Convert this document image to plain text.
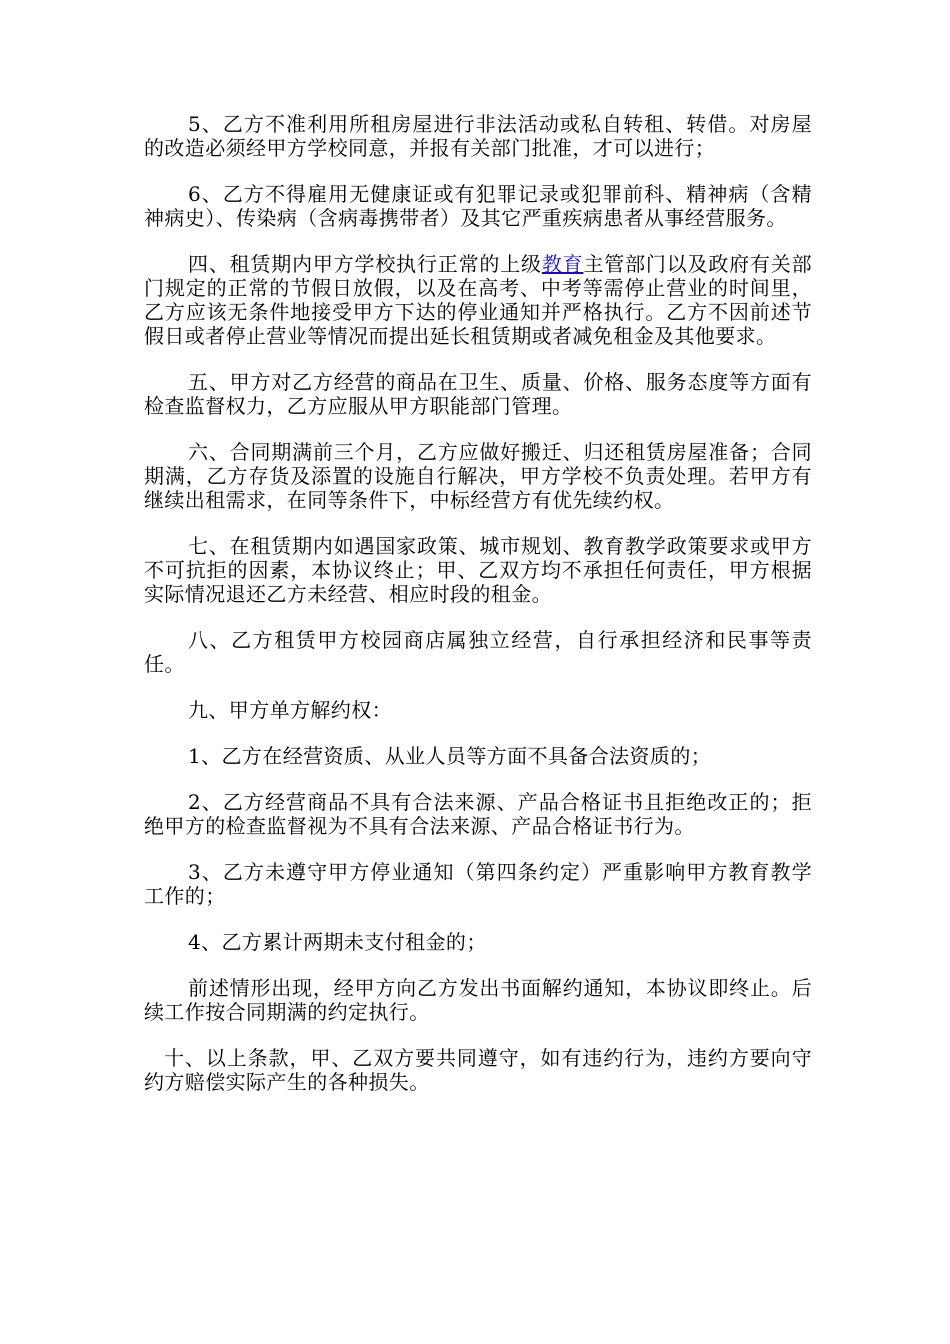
5、乙方不准利用所租房屋进行非法活动或私自转租、转借。对房屋的改造必须经甲方学校同意，并报有关部门批准，才可以进行；

6、乙方不得雇用无健康证或有犯罪记录或犯罪前科、精神病（含精神病史）、传染病（含病毒携带者）及其它严重疾病患者从事经营服务。

四、租赁期内甲方学校执行正常的上级教育主管部门以及政府有关部门规定的正常的节假日放假，以及在高考、中考等需停止营业的时间里，乙方应该无条件地接受甲方下达的停业通知并严格执行。乙方不因前述节假日或者停止营业等情况而提出延长租赁期或者减免租金及其他要求。

五、甲方对乙方经营的商品在卫生、质量、价格、服务态度等方面有检查监督权力，乙方应服从甲方职能部门管理。

六、合同期满前三个月，乙方应做好搬迁、归还租赁房屋准备；合同期满，乙方存货及添置的设施自行解决，甲方学校不负责处理。若甲方有继续出租需求，在同等条件下，中标经营方有优先续约权。

七、在租赁期内如遇国家政策、城市规划、教育教学政策要求或甲方不可抗拒的因素，本协议终止；甲、乙双方均不承担任何责任，甲方根据实际情况退还乙方未经营、相应时段的租金。

八、乙方租赁甲方校园商店属独立经营，自行承担经济和民事等责任。

九、甲方单方解约权：

1、乙方在经营资质、从业人员等方面不具备合法资质的；

2、乙方经营商品不具有合法来源、产品合格证书且拒绝改正的；拒绝甲方的检查监督视为不具有合法来源、产品合格证书行为。

3、乙方未遵守甲方停业通知（第四条约定）严重影响甲方教育教学工作的；

4、乙方累计两期未支付租金的；

前述情形出现，经甲方向乙方发出书面解约通知，本协议即终止。后续工作按合同期满的约定执行。

十、以上条款，甲、乙双方要共同遵守，如有违约行为，违约方要向守约方赔偿实际产生的各种损失。
